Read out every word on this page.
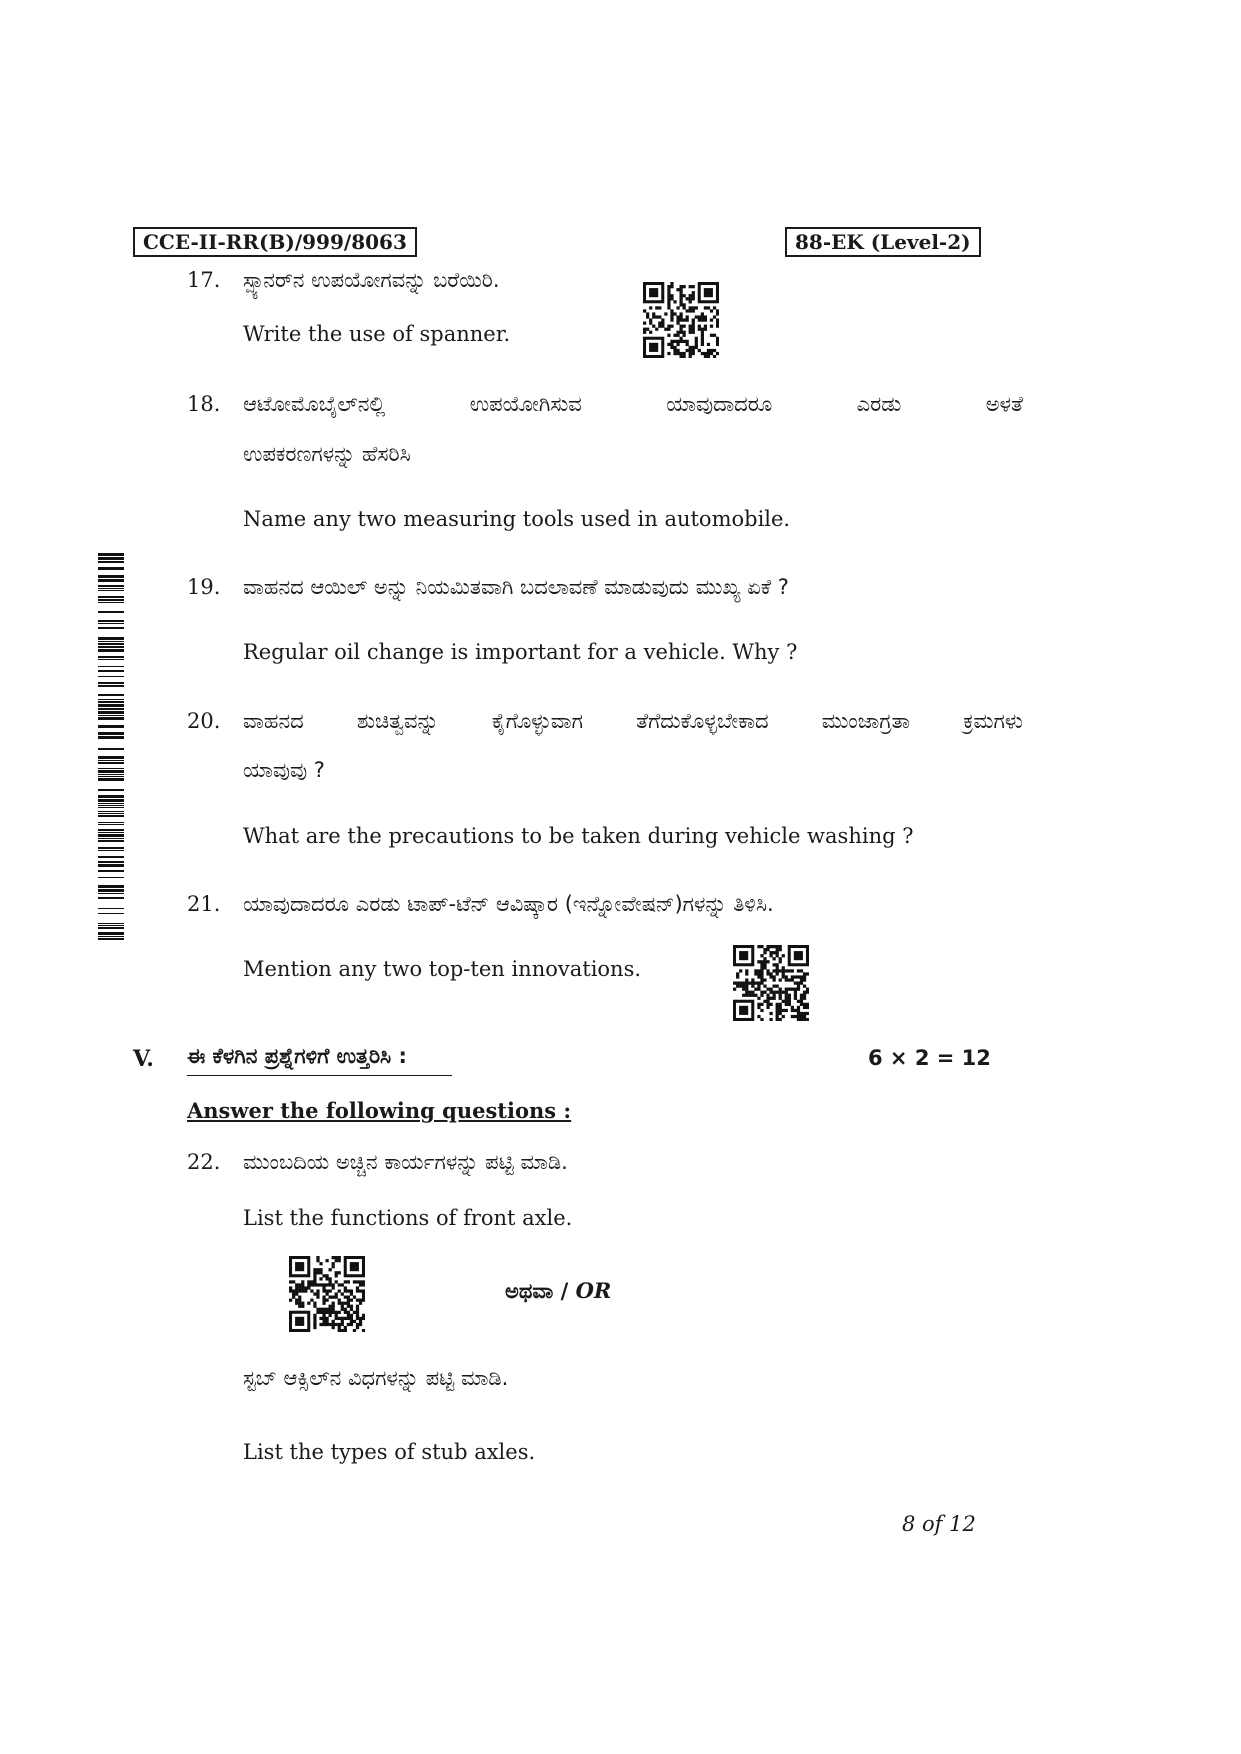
CCE-II-RR(B)/999/8063	88-EK (Level-2)
17. ಸ್ಪ್ಯಾನರ್‌ನ ಉಪಯೋಗವನ್ನು ಬರೆಯಿರಿ.
Write the use of spanner.
18. ಆಟೋಮೊಬೈಲ್‌ನಲ್ಲಿ	ಉಪಯೋಗಿಸುವ	ಯಾವುದಾದರೂ	ಎರಡು	ಅಳತೆ
ಉಪಕರಣಗಳನ್ನು ಹೆಸರಿಸಿ
Name any two measuring tools used in automobile.
19. ವಾಹನದ ಆಯಿಲ್ ಅನ್ನು ನಿಯಮಿತವಾಗಿ ಬದಲಾವಣೆ ಮಾಡುವುದು ಮುಖ್ಯ ಏಕೆ ?
Regular oil change is important for a vehicle. Why ?
20. ವಾಹನದ	ಶುಚಿತ್ವವನ್ನು	ಕೈಗೊಳ್ಳುವಾಗ	ತೆಗೆದುಕೊಳ್ಳಬೇಕಾದ	ಮುಂಜಾಗ್ರತಾ	ಕ್ರಮಗಳು
ಯಾವುವು ?
What are the precautions to be taken during vehicle washing ?
21. ಯಾವುದಾದರೂ ಎರಡು ಟಾಪ್-ಟೆನ್ ಆವಿಷ್ಕಾರ (ಇನ್ನೋವೇಷನ್)ಗಳನ್ನು ತಿಳಿಸಿ.
Mention any two top-ten innovations.
V. ಈ ಕೆಳಗಿನ ಪ್ರಶ್ನೆಗಳಿಗೆ ಉತ್ತರಿಸಿ :	6 × 2 = 12
Answer the following questions :
22. ಮುಂಬದಿಯ ಅಚ್ಚಿನ ಕಾರ್ಯಗಳನ್ನು ಪಟ್ಟಿ ಮಾಡಿ.
List the functions of front axle.
ಅಥವಾ / OR
ಸ್ಟಬ್ ಆಕ್ಸಿಲ್‌ನ ವಿಧಗಳನ್ನು ಪಟ್ಟಿ ಮಾಡಿ.
List the types of stub axles.
8 of 12
